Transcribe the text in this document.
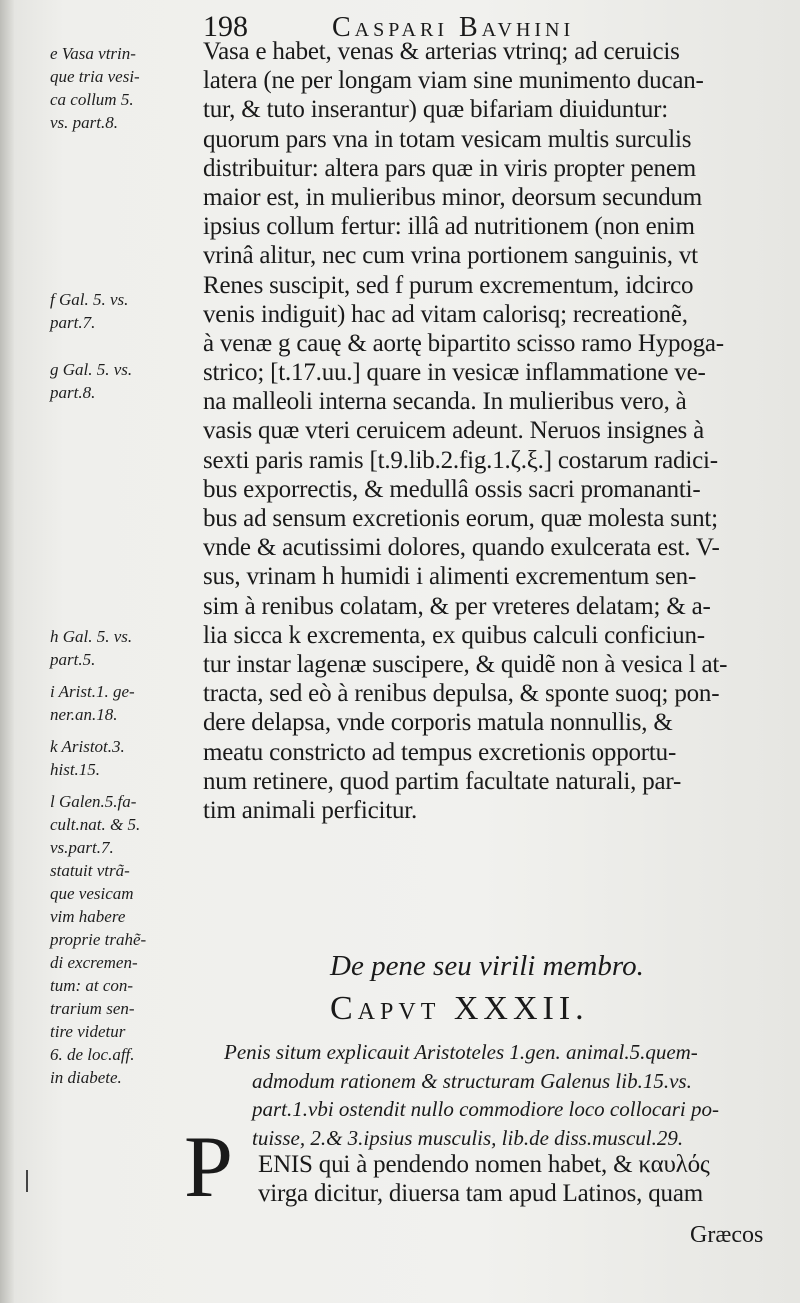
198	Caspari Bavhini
e Vasa vtrin-
que tria vesi-
ca collum 5.
vs. part.8.
f Gal. 5. vs.
part.7.
g Gal. 5. vs.
part.8.
h Gal. 5. vs.
part.5.
i Arist.1. ge-
ner.an.18.
k Aristot.3.
hist.15.
l Galen.5.fa-
cult.nat. & 5.
vs.part.7.
statuit vtrã-
que vesicam
vim habere
proprie trahẽ-
di excremen-
tum: at con-
trarium sen-
tire videtur
6. de loc.aff.
in diabete.
Vasa e habet, venas & arterias vtrinq; ad ceruicis
latera (ne per longam viam sine munimento ducan-
tur, & tuto inserantur) quæ bifariam diuiduntur:
quorum pars vna in totam vesicam multis surculis
distribuitur: altera pars quæ in viris propter penem
maior est, in mulieribus minor, deorsum secundum
ipsius collum fertur: illâ ad nutritionem (non enim
vrinâ alitur, nec cum vrina portionem sanguinis, vt
Renes suscipit, sed f purum excrementum, idcirco
venis indiguit) hac ad vitam calorisq; recreationẽ,
à venæ g cauę & aortę bipartito scisso ramo Hypoga-
strico; [t.17.uu.] quare in vesicæ inflammatione ve-
na malleoli interna secanda. In mulieribus vero, à
vasis quæ vteri ceruicem adeunt. Neruos insignes à
sexti paris ramis [t.9.lib.2.fig.1.ζ.ξ.] costarum radici-
bus exporrectis, & medullâ ossis sacri promananti-
bus ad sensum excretionis eorum, quæ molesta sunt;
vnde & acutissimi dolores, quando exulcerata est. V-
sus, vrinam h humidi i alimenti excrementum sen-
sim à renibus colatam, & per vreteres delatam; & a-
lia sicca k excrementa, ex quibus calculi conficiun-
tur instar lagenæ suscipere, & quidẽ non à vesica l at-
tracta, sed eò à renibus depulsa, & sponte suoq; pon-
dere delapsa, vnde corporis matula nonnullis, &
meatu constricto ad tempus excretionis opportu-
num retinere, quod partim facultate naturali, par-
tim animali perficitur.
De pene seu virili membro.
Capvt XXXII.
Penis situm explicauit Aristoteles 1.gen. animal.5.quem-
admodum rationem & structuram Galenus lib.15.vs.
part.1.vbi ostendit nullo commodiore loco collocari po-
tuisse, 2.& 3.ipsius musculis, lib.de diss.muscul.29.
P ENIS qui à pendendo nomen habet, & καυλός
virga dicitur, diuersa tam apud Latinos, quam
Græcos
